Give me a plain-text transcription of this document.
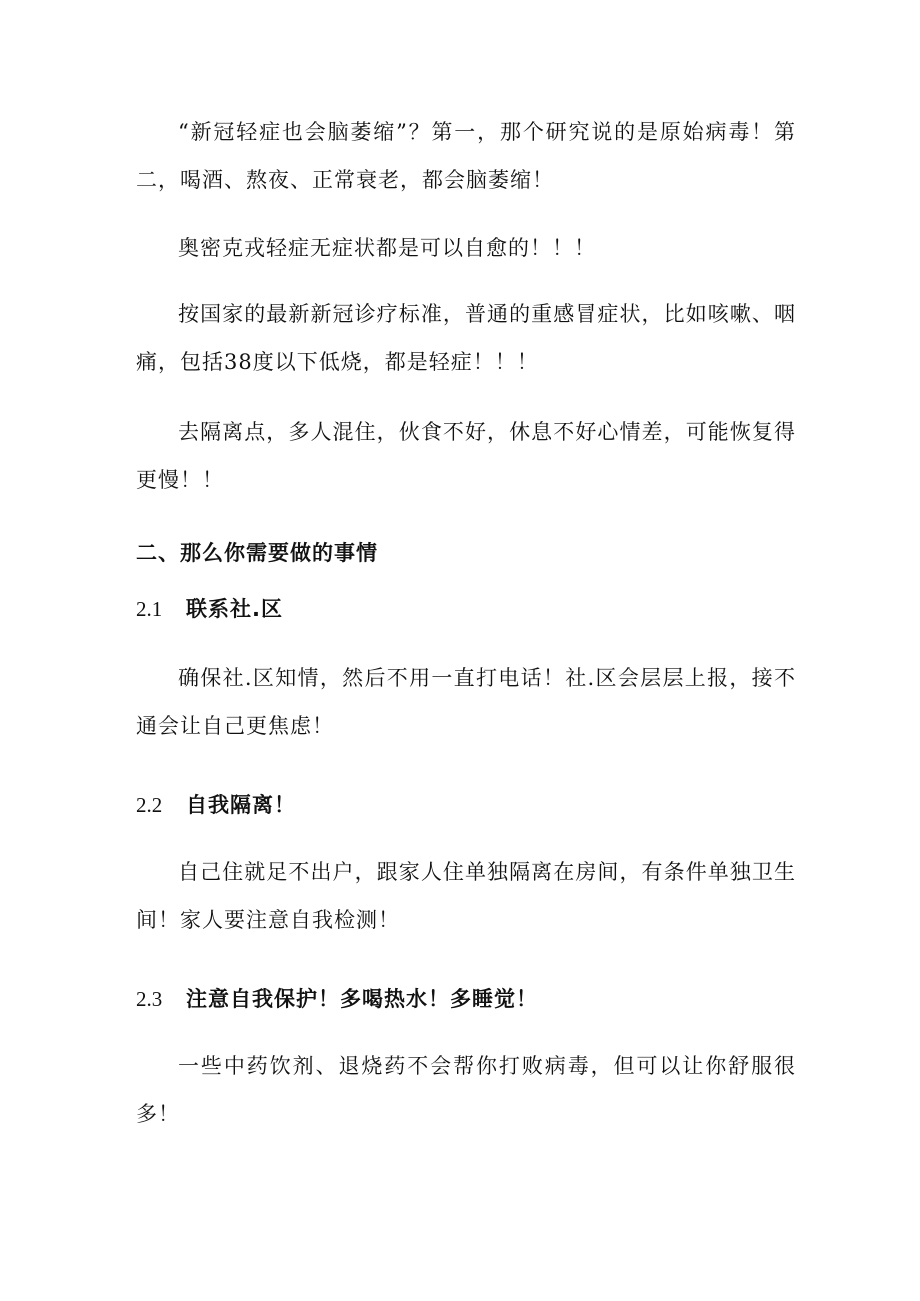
“新冠轻症也会脑萎缩”？第一，那个研究说的是原始病毒！第二，喝酒、熬夜、正常衰老，都会脑萎缩！

奥密克戎轻症无症状都是可以自愈的！！！

按国家的最新新冠诊疗标准，普通的重感冒症状，比如咳嗽、咽痛，包括38度以下低烧，都是轻症！！！

去隔离点，多人混住，伙食不好，休息不好心情差，可能恢复得更慢！！

二、那么你需要做的事情
2.1	联系社.区

确保社.区知情，然后不用一直打电话！社.区会层层上报，接不通会让自己更焦虑！

2.2	自我隔离！

自己住就足不出户，跟家人住单独隔离在房间，有条件单独卫生间！家人要注意自我检测！

2.3	注意自我保护！多喝热水！多睡觉！

一些中药饮剂、退烧药不会帮你打败病毒，但可以让你舒服很多！
